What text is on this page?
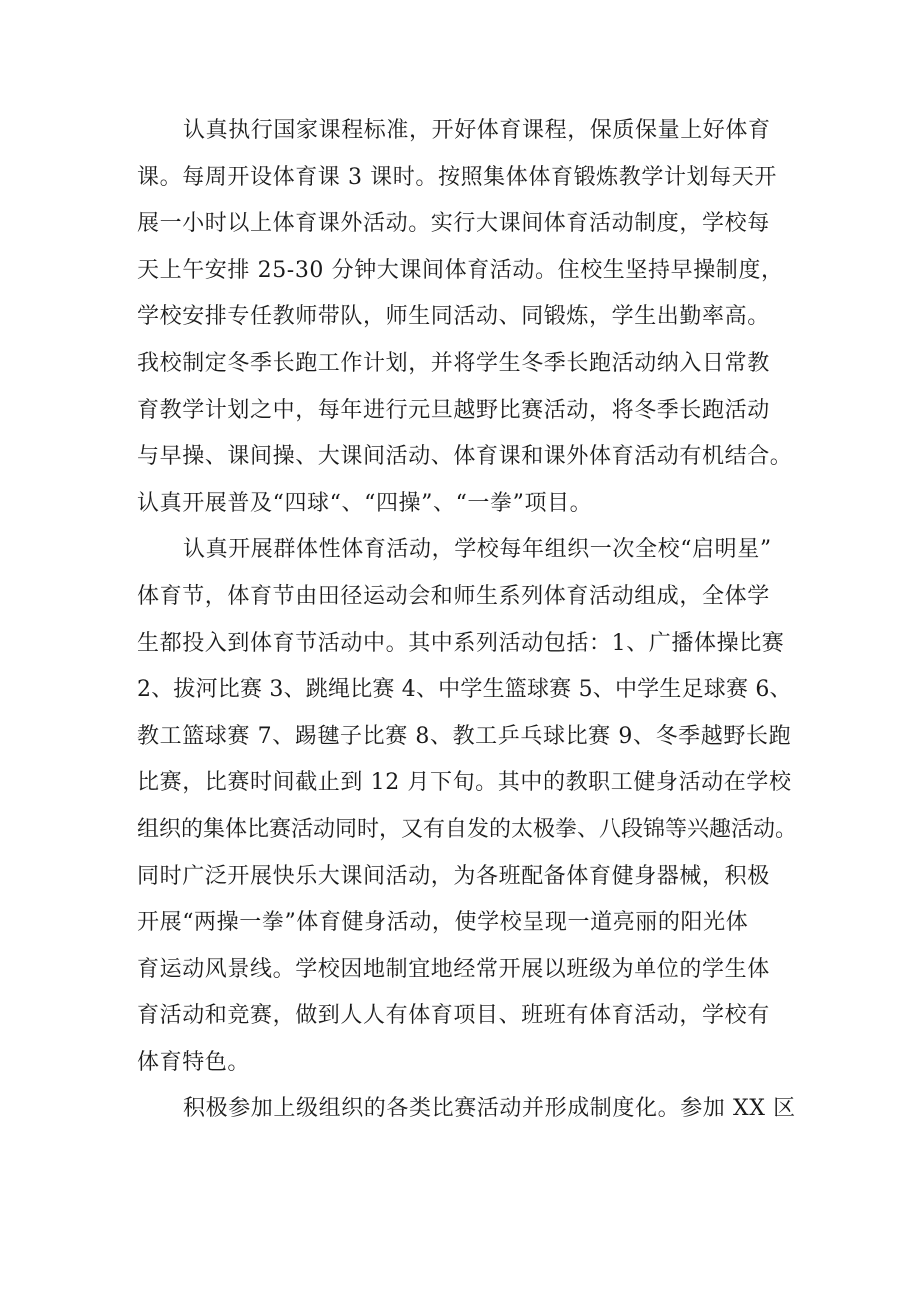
认真执行国家课程标准，开好体育课程，保质保量上好体育
课。每周开设体育课 3 课时。按照集体体育锻炼教学计划每天开
展一小时以上体育课外活动。实行大课间体育活动制度，学校每
天上午安排 25-30 分钟大课间体育活动。住校生坚持早操制度，
学校安排专任教师带队，师生同活动、同锻炼，学生出勤率高。
我校制定冬季长跑工作计划，并将学生冬季长跑活动纳入日常教
育教学计划之中，每年进行元旦越野比赛活动，将冬季长跑活动
与早操、课间操、大课间活动、体育课和课外体育活动有机结合。
认真开展普及“四球“、“四操”、“一拳”项目。
认真开展群体性体育活动，学校每年组织一次全校“启明星”
体育节，体育节由田径运动会和师生系列体育活动组成，全体学
生都投入到体育节活动中。其中系列活动包括：1、广播体操比赛
2、拔河比赛 3、跳绳比赛 4、中学生篮球赛 5、中学生足球赛 6、
教工篮球赛 7、踢毽子比赛 8、教工乒乓球比赛 9、冬季越野长跑
比赛，比赛时间截止到 12 月下旬。其中的教职工健身活动在学校
组织的集体比赛活动同时，又有自发的太极拳、八段锦等兴趣活动。
同时广泛开展快乐大课间活动，为各班配备体育健身器械，积极
开展“两操一拳”体育健身活动，使学校呈现一道亮丽的阳光体
育运动风景线。学校因地制宜地经常开展以班级为单位的学生体
育活动和竞赛，做到人人有体育项目、班班有体育活动，学校有
体育特色。
积极参加上级组织的各类比赛活动并形成制度化。参加 XX 区
